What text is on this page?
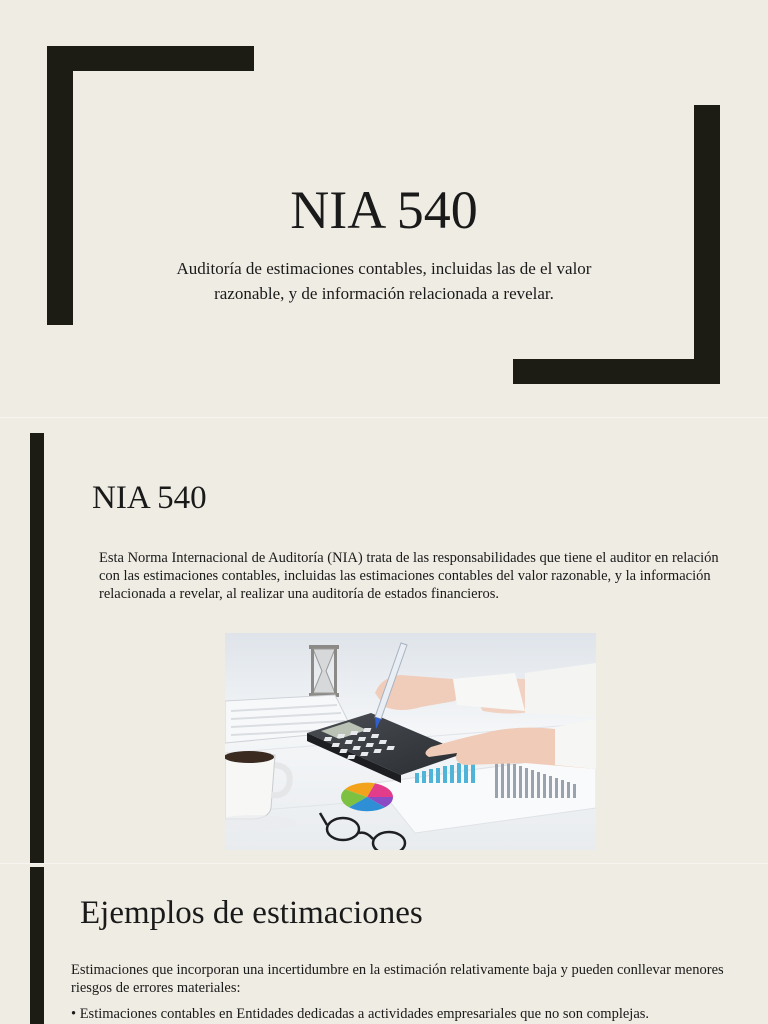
NIA 540
Auditoría de estimaciones contables, incluidas las de el valor razonable, y de información relacionada a revelar.
NIA 540
Esta Norma Internacional de Auditoría (NIA) trata de las responsabilidades que tiene el auditor en relación con las estimaciones contables, incluidas las estimaciones contables del valor razonable, y la información relacionada a revelar, al realizar una auditoría de estados financieros.
Ejemplos de estimaciones
Estimaciones que incorporan una incertidumbre en la estimación relativamente baja y pueden conllevar menores riesgos de errores materiales:
• Estimaciones contables en Entidades dedicadas a actividades empresariales que no son complejas.
